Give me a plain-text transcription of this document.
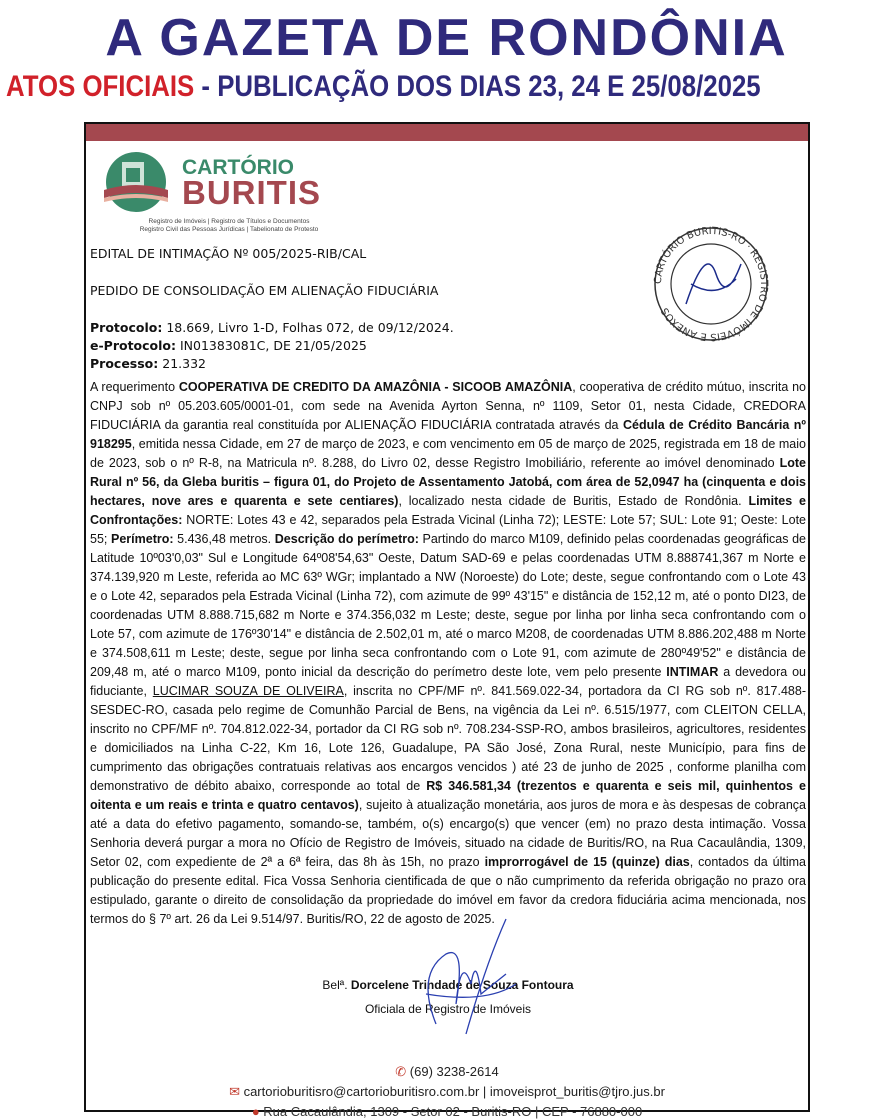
A GAZETA DE RONDÔNIA
ATOS OFICIAIS - PUBLICAÇÃO DOS DIAS 23, 24 E 25/08/2025
CARTÓRIO
BURITIS
Registro de Imóveis | Registro de Títulos e Documentos
Registro Civil das Pessoas Jurídicas | Tabelionato de Protesto
CARTÓRIO BURITIS-RO · REGISTRO DE IMÓVEIS E ANEXOS
EDITAL DE INTIMAÇÃO Nº 005/2025-RIB/CAL
PEDIDO DE CONSOLIDAÇÃO EM ALIENAÇÃO FIDUCIÁRIA
Protocolo: 18.669, Livro 1-D, Folhas 072, de 09/12/2024.
e-Protocolo: IN01383081C, DE 21/05/2025
Processo: 21.332
A requerimento COOPERATIVA DE CREDITO DA AMAZÔNIA - SICOOB AMAZÔNIA, cooperativa de crédito mútuo, inscrita no CNPJ sob nº 05.203.605/0001-01, com sede na Avenida Ayrton Senna, nº 1109, Setor 01, nesta Cidade, CREDORA FIDUCIÁRIA da garantia real constituída por ALIENAÇÃO FIDUCIÁRIA contratada através da Cédula de Crédito Bancária nº 918295, emitida nessa Cidade, em 27 de março de 2023, e com vencimento em 05 de março de 2025, registrada em 18 de maio de 2023, sob o nº R-8, na Matricula nº. 8.288, do Livro 02, desse Registro Imobiliário, referente ao imóvel denominado Lote Rural nº 56, da Gleba buritis – figura 01, do Projeto de Assentamento Jatobá, com área de 52,0947 ha (cinquenta e dois hectares, nove ares e quarenta e sete centiares), localizado nesta cidade de Buritis, Estado de Rondônia. Limites e Confrontações: NORTE: Lotes 43 e 42, separados pela Estrada Vicinal (Linha 72); LESTE: Lote 57; SUL: Lote 91; Oeste: Lote 55; Perímetro: 5.436,48 metros. Descrição do perímetro: Partindo do marco M109, definido pelas coordenadas geográficas de Latitude 10º03'0,03" Sul e Longitude 64º08'54,63" Oeste, Datum SAD-69 e pelas coordenadas UTM 8.888741,367 m Norte e 374.139,920 m Leste, referida ao MC 63º WGr; implantado a NW (Noroeste) do Lote; deste, segue confrontando com o Lote 43 e o Lote 42, separados pela Estrada Vicinal (Linha 72), com azimute de 99º 43'15" e distância de 152,12 m, até o ponto DI23, de coordenadas UTM 8.888.715,682 m Norte e 374.356,032 m Leste; deste, segue por linha por linha seca confrontando com o Lote 57, com azimute de 176º30'14" e distância de 2.502,01 m, até o marco M208, de coordenadas UTM 8.886.202,488 m Norte e 374.508,611 m Leste; deste, segue por linha seca confrontando com o Lote 91, com azimute de 280º49'52" e distância de 209,48 m, até o marco M109, ponto inicial da descrição do perímetro deste lote, vem pelo presente INTIMAR a devedora ou fiduciante, LUCIMAR SOUZA DE OLIVEIRA, inscrita no CPF/MF nº. 841.569.022-34, portadora da CI RG sob nº. 817.488-SESDEC-RO, casada pelo regime de Comunhão Parcial de Bens, na vigência da Lei nº. 6.515/1977, com CLEITON CELLA, inscrito no CPF/MF nº. 704.812.022-34, portador da CI RG sob nº. 708.234-SSP-RO, ambos brasileiros, agricultores, residentes e domiciliados na Linha C-22, Km 16, Lote 126, Guadalupe, PA São José, Zona Rural, neste Município, para fins de cumprimento das obrigações contratuais relativas aos encargos vencidos ) até 23 de junho de 2025 , conforme planilha com demonstrativo de débito abaixo, corresponde ao total de R$ 346.581,34 (trezentos e quarenta e seis mil, quinhentos e oitenta e um reais e trinta e quatro centavos), sujeito à atualização monetária, aos juros de mora e às despesas de cobrança até a data do efetivo pagamento, somando-se, também, o(s) encargo(s) que vencer (em) no prazo desta intimação. Vossa Senhoria deverá purgar a mora no Ofício de Registro de Imóveis, situado na cidade de Buritis/RO, na Rua Cacaulândia, 1309, Setor 02, com expediente de 2ª a 6ª feira, das 8h às 15h, no prazo improrrogável de 15 (quinze) dias, contados da última publicação do presente edital. Fica Vossa Senhoria cientificada de que o não cumprimento da referida obrigação no prazo ora estipulado, garante o direito de consolidação da propriedade do imóvel em favor da credora fiduciária acima mencionada, nos termos do § 7º art. 26 da Lei 9.514/97. Buritis/RO, 22 de agosto de 2025.
Belª. Dorcelene Trindade de Souza Fontoura
Oficiala de Registro de Imóveis
✆ (69) 3238-2614
✉ cartorioburitisro@cartorioburitisro.com.br | imoveisprot_buritis@tjro.jus.br
● Rua Cacaulândia, 1309 - Setor 02 - Buritis-RO | CEP - 76880-000
